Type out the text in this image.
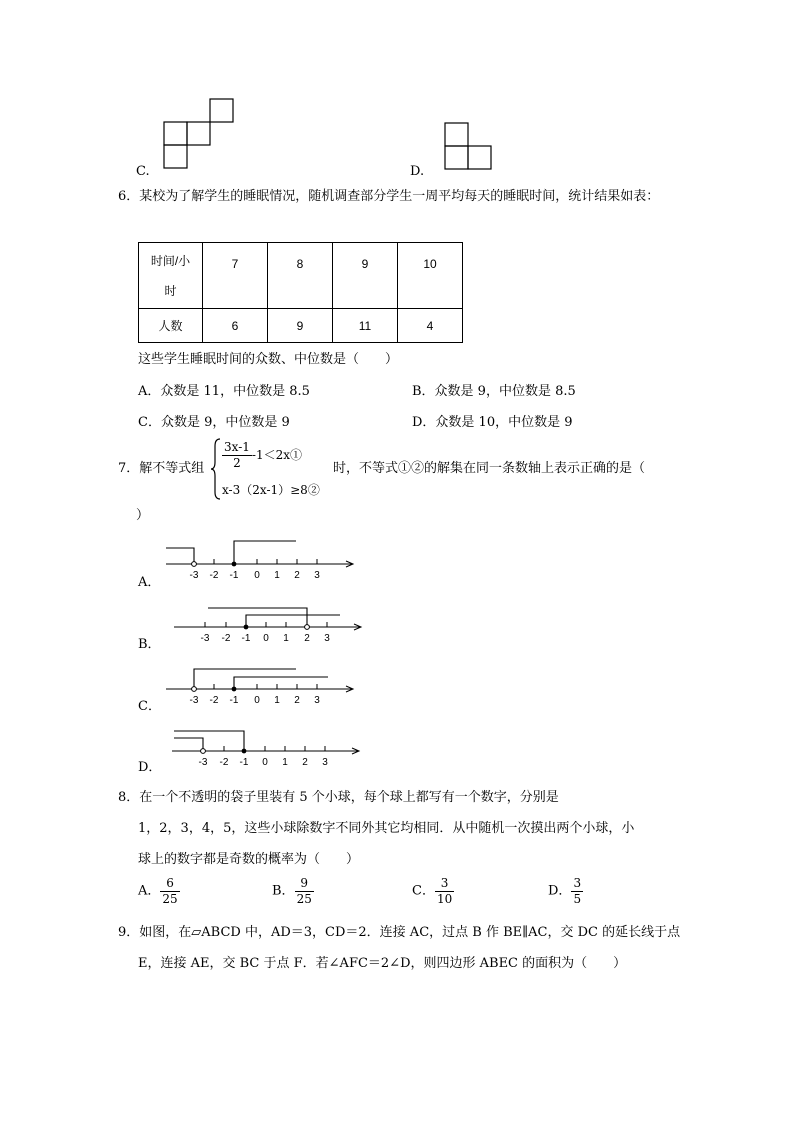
C.	D.
6．某校为了解学生的睡眠情况，随机调查部分学生一周平均每天的睡眠时间，统计结果如表：
时间/小
时	7	8	9	10
人数	6	9	11	4
这些学生睡眠时间的众数、中位数是（　　）
A．众数是 11，中位数是 8.5	B．众数是 9，中位数是 8.5
C．众数是 9，中位数是 9	D．众数是 10，中位数是 9
7．解不等式组 $\frac{3x-1}{2}$ -1＜2x①
x-3（2x-1）≥8②
时，不等式①②的解集在同一条数轴上表示正确的是（
）
A．	-3 -2 -1 0 1 2 3
B．	-3 -2 -1 0 1 2 3
C．	-3 -2 -1 0 1 2 3
D．	-3 -2 -1 0 1 2 3
8．在一个不透明的袋子里装有 5 个小球，每个球上都写有一个数字，分别是
1，2，3，4，5，这些小球除数字不同外其它均相同．从中随机一次摸出两个小球，小
球上的数字都是奇数的概率为（　　）
A． $\frac{6}{25}$	B． $\frac{9}{25}$	C． $\frac{3}{10}$	D． $\frac{3}{5}$
9．如图，在▱ABCD 中，AD＝3，CD＝2．连接 AC，过点 B 作 BE∥AC，交 DC 的延长线于点
E，连接 AE，交 BC 于点 F．若∠AFC＝2∠D，则四边形 ABEC 的面积为（　　）
